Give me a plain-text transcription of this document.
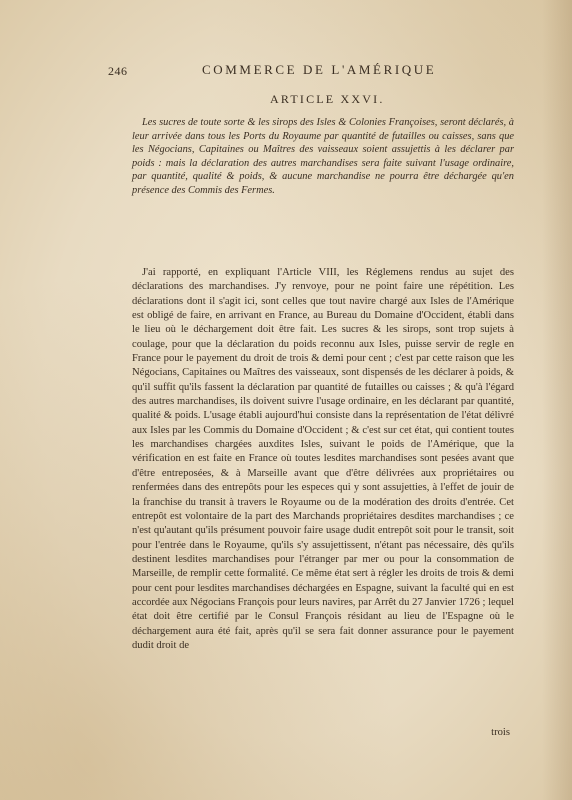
246	COMMERCE DE L'AMÉRIQUE
ARTICLE XXVI.

Les sucres de toute sorte & les sirops des Isles & Colonies Françoises, seront déclarés, à leur arrivée dans tous les Ports du Royaume par quantité de futailles ou caisses, sans que les Négocians, Capitaines ou Maîtres des vaisseaux soient assujettis à les déclarer par poids : mais la déclaration des autres marchandises sera faite suivant l'usage ordinaire, par quantité, qualité & poids, & aucune marchandise ne pourra être déchargée qu'en présence des Commis des Fermes.

J'ai rapporté, en expliquant l'Article VIII, les Réglemens rendus au sujet des déclarations des marchandises. J'y renvoye, pour ne point faire une répétition. Les déclarations dont il s'agit ici, sont celles que tout navire chargé aux Isles de l'Amérique est obligé de faire, en arrivant en France, au Bureau du Domaine d'Occident, établi dans le lieu où le déchargement doit être fait. Les sucres & les sirops, sont trop sujets à coulage, pour que la déclaration du poids reconnu aux Isles, puisse servir de regle en France pour le payement du droit de trois & demi pour cent ; c'est par cette raison que les Négocians, Capitaines ou Maîtres des vaisseaux, sont dispensés de les déclarer à poids, & qu'il suffit qu'ils fassent la déclaration par quantité de futailles ou caisses ; & qu'à l'égard des autres marchandises, ils doivent suivre l'usage ordinaire, en les déclarant par quantité, qualité & poids. L'usage établi aujourd'hui consiste dans la représentation de l'état délivré aux Isles par les Commis du Domaine d'Occident ; & c'est sur cet état, qui contient toutes les marchandises chargées auxdites Isles, suivant le poids de l'Amérique, que la vérification en est faite en France où toutes lesdites marchandises sont pesées avant que d'être entreposées, & à Marseille avant que d'être délivrées aux propriétaires ou renfermées dans des entrepôts pour les especes qui y sont assujetties, à l'effet de jouir de la franchise du transit à travers le Royaume ou de la modération des droits d'entrée. Cet entrepôt est volontaire de la part des Marchands propriétaires desdites marchandises ; ce n'est qu'autant qu'ils présument pouvoir faire usage dudit entrepôt soit pour le transit, soit pour l'entrée dans le Royaume, qu'ils s'y assujettissent, n'étant pas nécessaire, dès qu'ils destinent lesdites marchandises pour l'étranger par mer ou pour la consommation de Marseille, de remplir cette formalité. Ce même état sert à régler les droits de trois & demi pour cent pour lesdites marchandises déchargées en Espagne, suivant la faculté qui en est accordée aux Négocians François pour leurs navires, par Arrêt du 27 Janvier 1726 ; lequel état doit être certifié par le Consul François résidant au lieu de l'Espagne où le déchargement aura été fait, après qu'il se sera fait donner assurance pour le payement dudit droit de

trois
